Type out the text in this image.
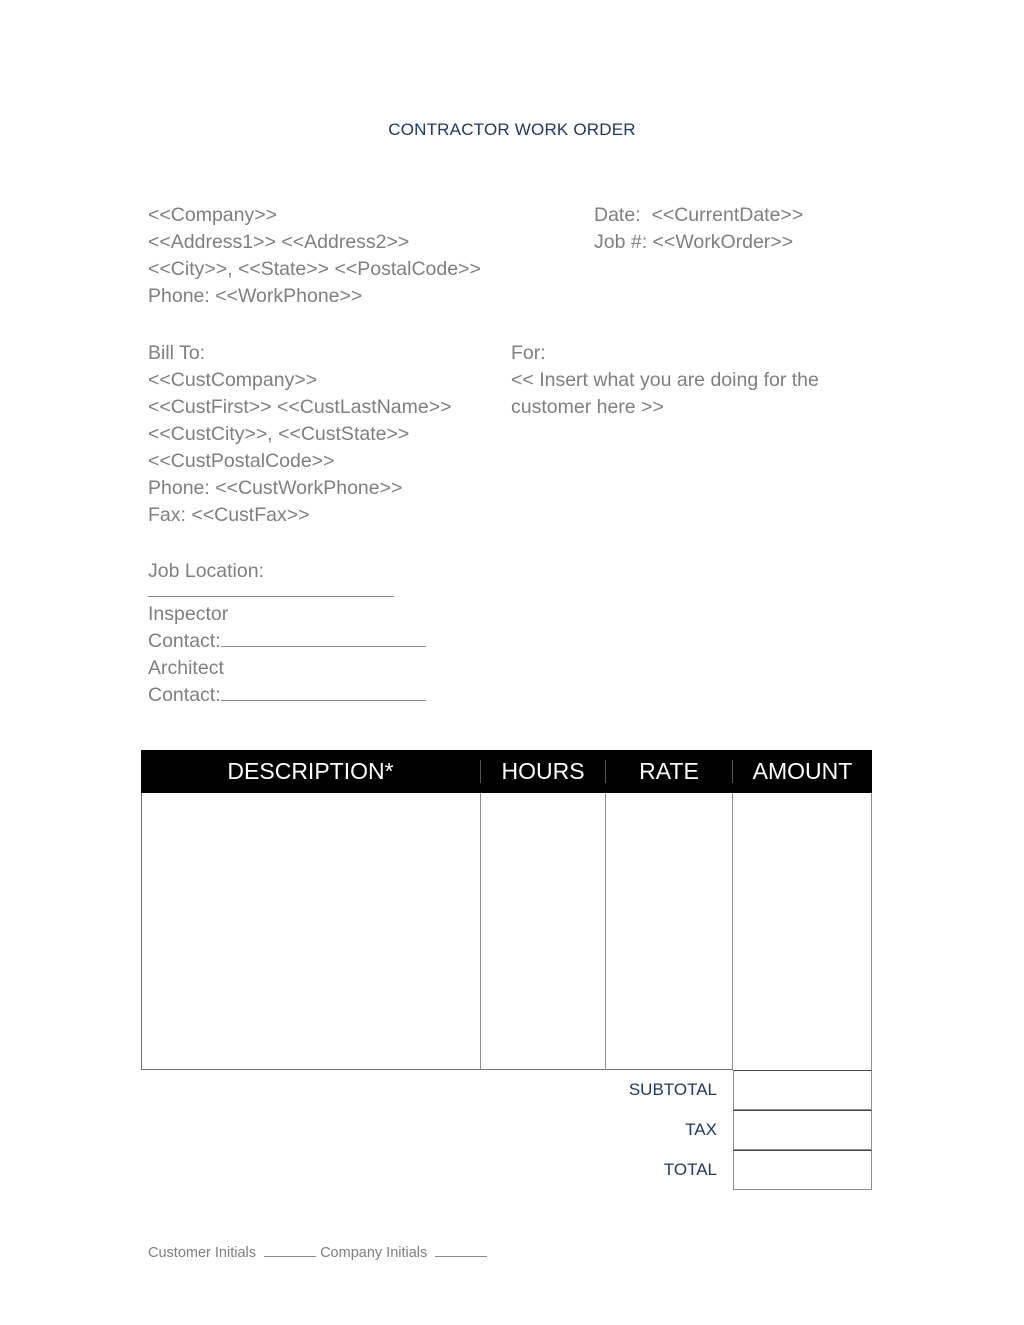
CONTRACTOR WORK ORDER
<<Company>>
<<Address1>> <<Address2>>
<<City>>, <<State>> <<PostalCode>>
Phone: <<WorkPhone>>
Date:  <<CurrentDate>>
Job #: <<WorkOrder>>
Bill To:
<<CustCompany>>
<<CustFirst>> <<CustLastName>>
<<CustCity>>, <<CustState>>
<<CustPostalCode>>
Phone: <<CustWorkPhone>>
Fax: <<CustFax>>
For:
<< Insert what you are doing for the customer here >>
Job Location:
Inspector
Contact:
Architect
Contact:
DESCRIPTION*	HOURS	RATE	AMOUNT
SUBTOTAL
TAX
TOTAL
Customer Initials	Company Initials
